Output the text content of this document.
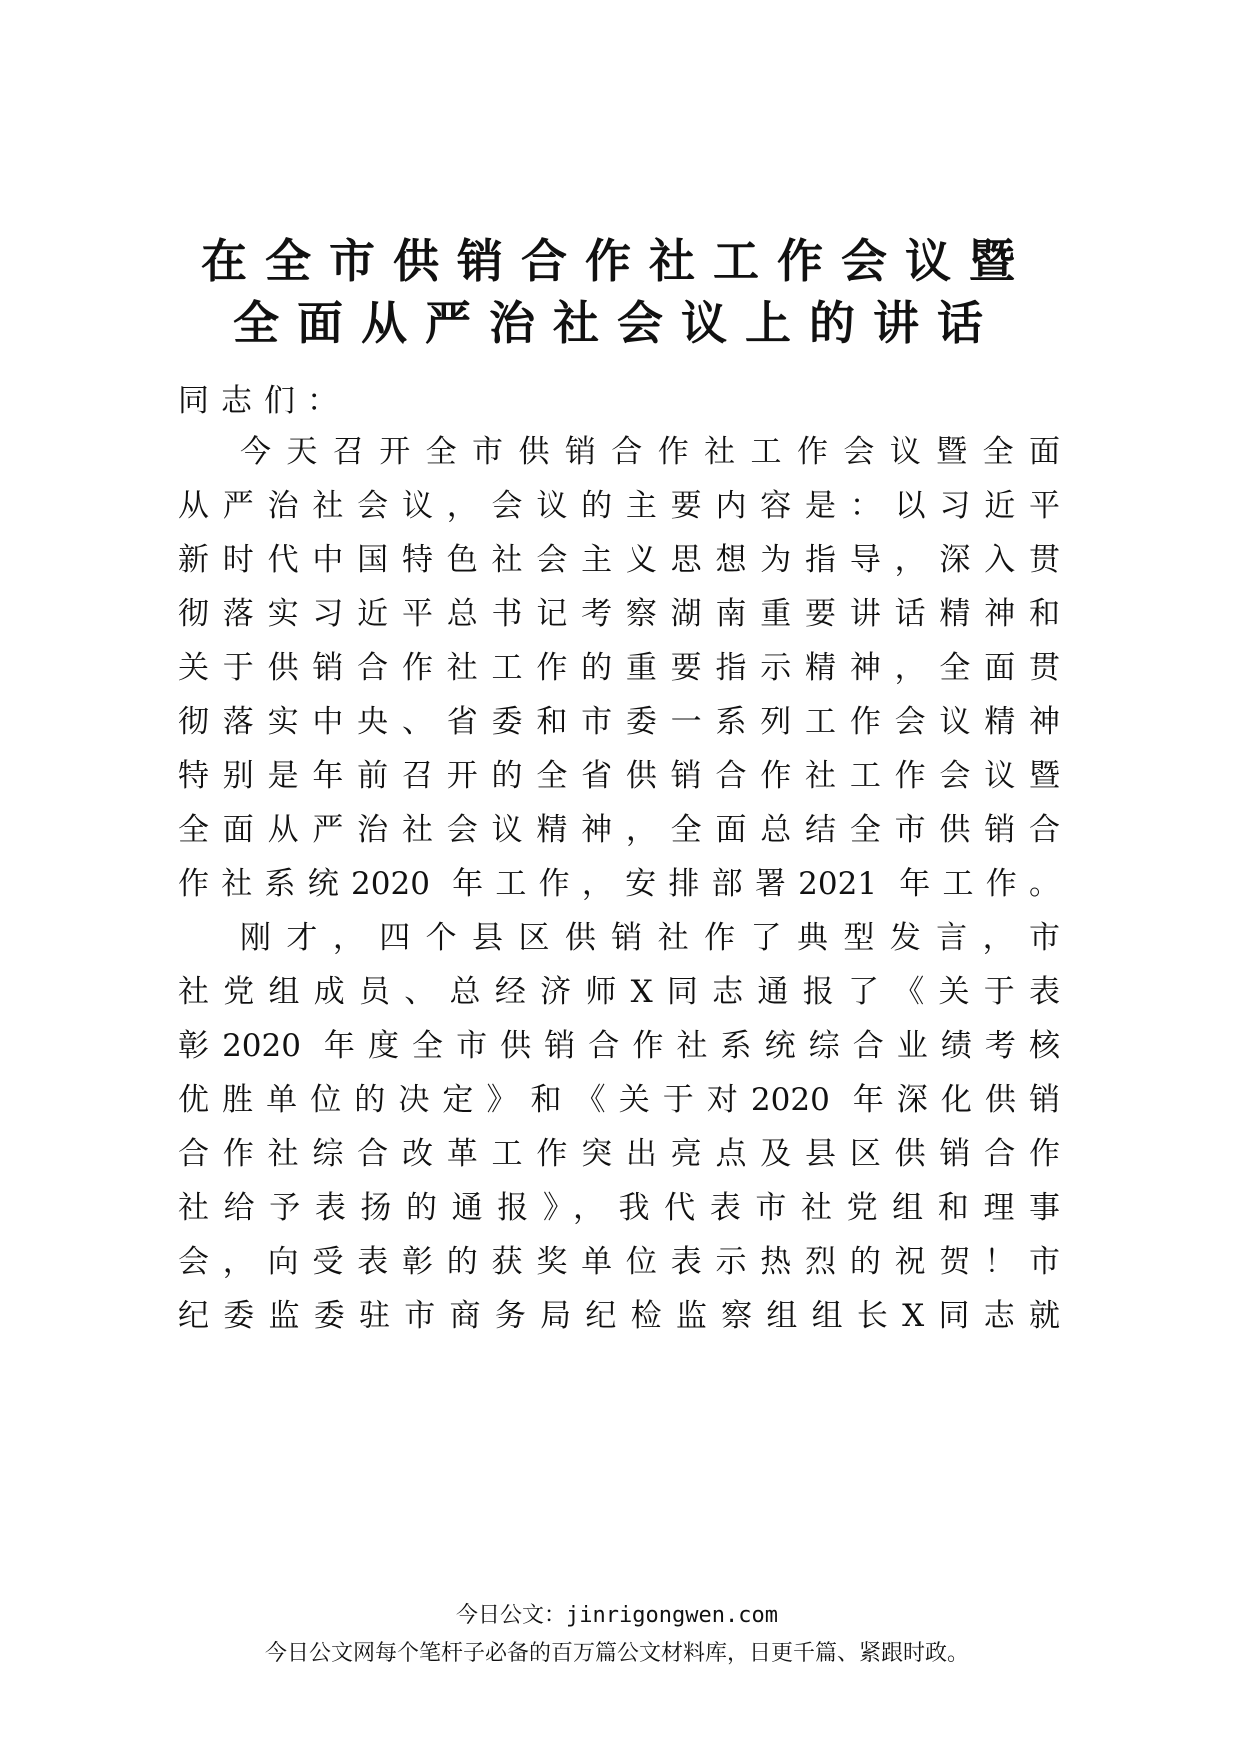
在全市供销合作社工作会议暨
全面从严治社会议上的讲话

同志们：

今天召开全市供销合作社工作会议暨全面

从严治社会议，会议的主要内容是：以习近平

新时代中国特色社会主义思想为指导，深入贯

彻落实习近平总书记考察湖南重要讲话精神和

关于供销合作社工作的重要指示精神，全面贯

彻落实中央、省委和市委一系列工作会议精神

特别是年前召开的全省供销合作社工作会议暨

全面从严治社会议精神，全面总结全市供销合

作社系统2020 年工作，安排部署2021 年工作。

刚才，四个县区供销社作了典型发言，市

社党组成员、总经济师X同志通报了《关于表

彰2020 年度全市供销合作社系统综合业绩考核

优胜单位的决定》和《关于对2020 年深化供销

合作社综合改革工作突出亮点及县区供销合作

社给予表扬的通报》，我代表市社党组和理事

会，向受表彰的获奖单位表示热烈的祝贺！市

纪委监委驻市商务局纪检监察组组长X同志就

今日公文：jinrigongwen.com
今日公文网每个笔杆子必备的百万篇公文材料库，日更千篇、紧跟时政。
